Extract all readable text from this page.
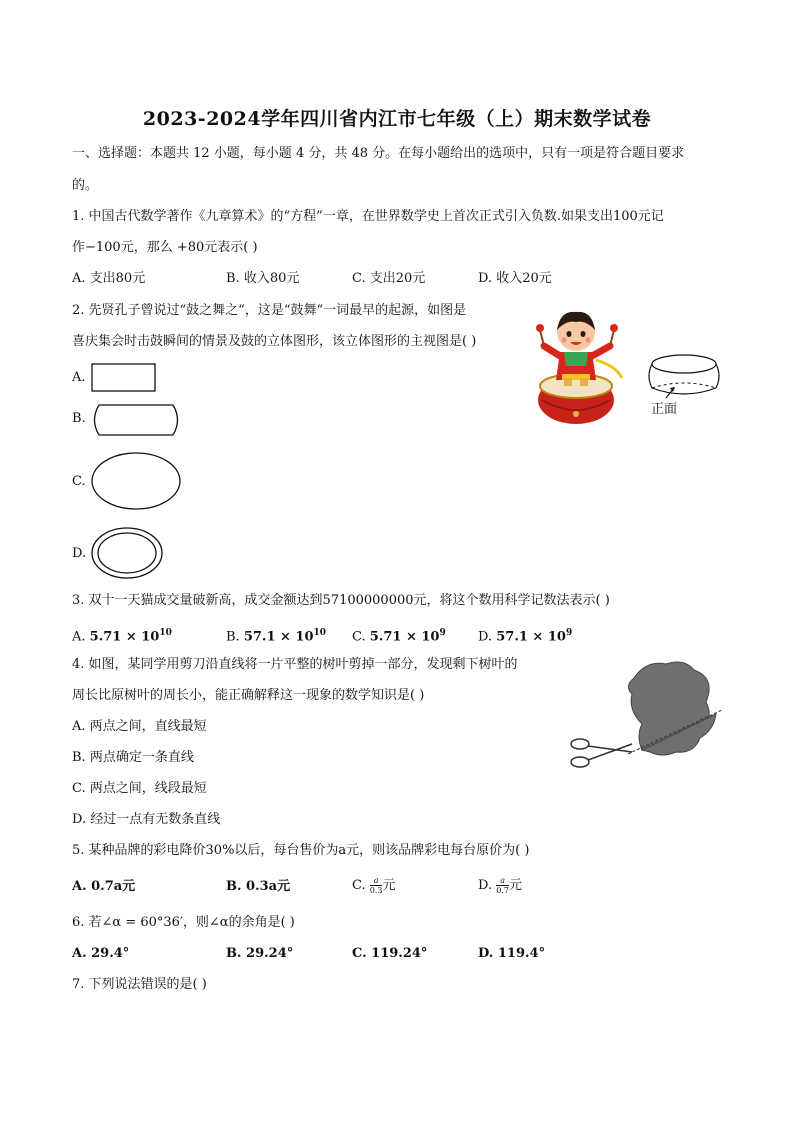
2023-2024学年四川省内江市七年级（上）期末数学试卷
一、选择题：本题共 12 小题，每小题 4 分，共 48 分。在每小题给出的选项中，只有一项是符合题目要求
的。
1. 中国古代数学著作《九章算术》的“方程”一章，在世界数学史上首次正式引入负数.如果支出100元记
作−100元，那么 +80元表示( )
A. 支出80元	B. 收入80元	C. 支出20元	D. 收入20元
2. 先贤孔子曾说过“鼓之舞之“，这是“鼓舞“一词最早的起源，如图是
喜庆集会时击鼓瞬间的情景及鼓的立体图形，该立体图形的主视图是( )
A.
B.
C.
D.
正面
3. 双十一天猫成交量破新高，成交金额达到57100000000元，将这个数用科学记数法表示( )
A. $5.71 \times 10^{10}$	B. $57.1 \times 10^{10}$ C. $5.71 \times 10^9$ D. $57.1 \times 10^9$
4. 如图，某同学用剪刀沿直线将一片平整的树叶剪掉一部分，发现剩下树叶的
周长比原树叶的周长小，能正确解释这一现象的数学知识是( )
A. 两点之间，直线最短
B. 两点确定一条直线
C. 两点之间，线段最短
D. 经过一点有无数条直线
5. 某种品牌的彩电降价30%以后，每台售价为a元，则该品牌彩电每台原价为( )
A. 0.7a元	B. 0.3a元	C. $\frac{a}{0.3}$ 元	D. $\frac{a}{0.7}$ 元
6. 若∠α = 60°36′，则∠α的余角是( )
A. 29.4°	B. 29.24°	C. 119.24°	D. 119.4°
7. 下列说法错误的是( )
